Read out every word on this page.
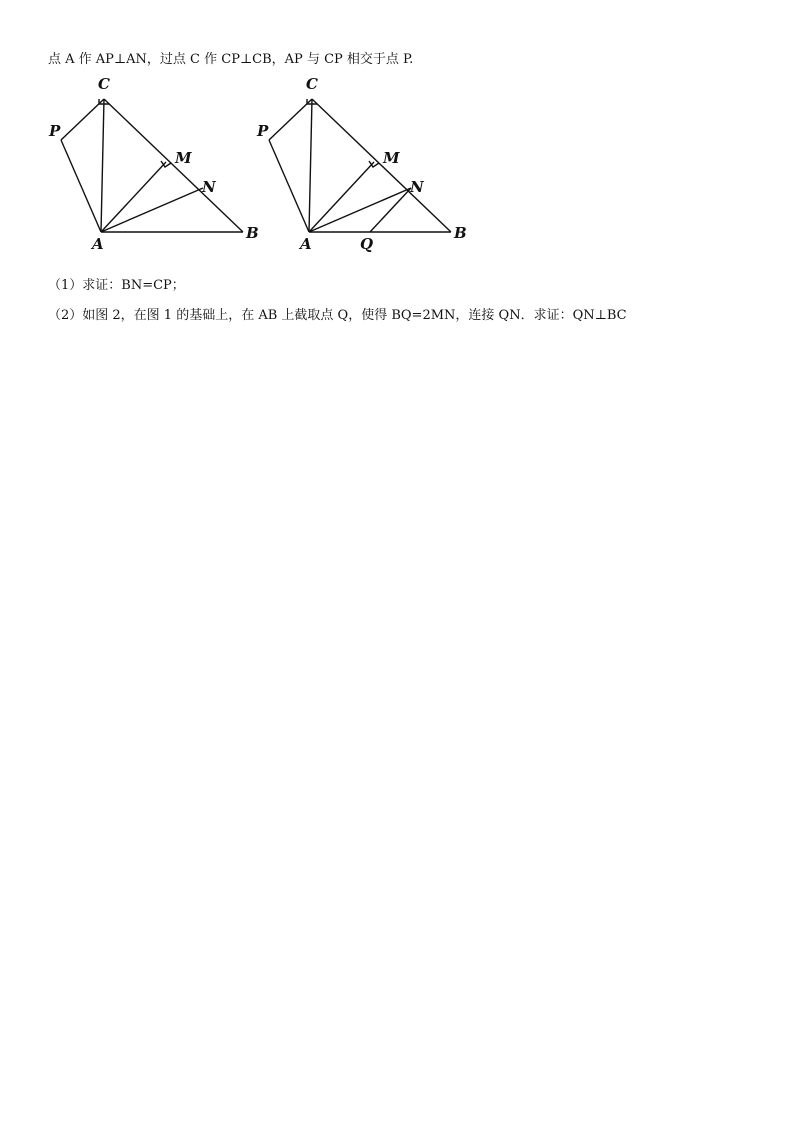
点 A 作 AP⊥AN，过点 C 作 CP⊥CB，AP 与 CP 相交于点 P.
C
P
M
N
A
B
C
P
M
N
A
B
Q
（1）求证：BN=CP；
（2）如图 2，在图 1 的基础上，在 AB 上截取点 Q，使得 BQ=2MN，连接 QN．求证：QN⊥BC
